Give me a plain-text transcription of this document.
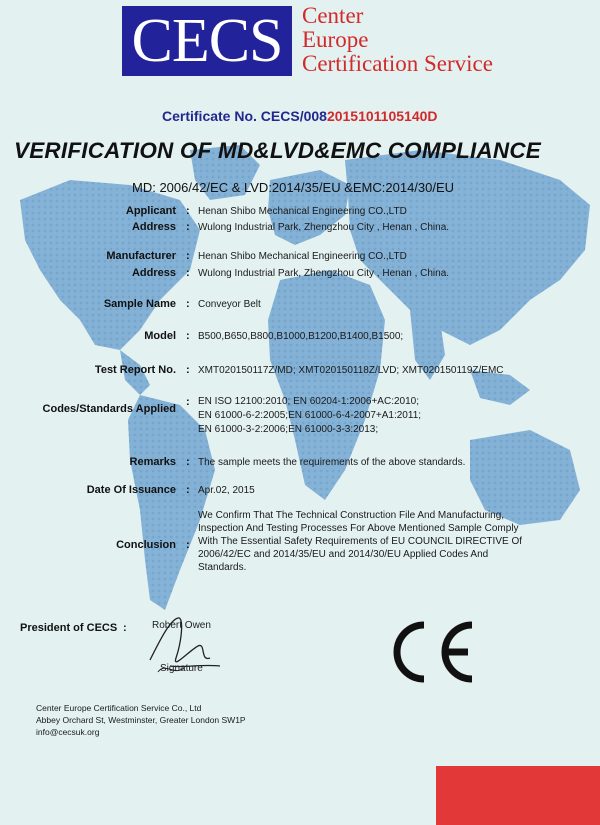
CECS Center
Europe
Certification Service
Certificate No. CECS/0082015101105140D
VERIFICATION OF MD&LVD&EMC COMPLIANCE
MD: 2006/42/EC & LVD:2014/35/EU &EMC:2014/30/EU
Applicant : Henan Shibo Mechanical Engineering CO.,LTD
Address : Wulong Industrial Park, Zhengzhou City , Henan , China.
Manufacturer : Henan Shibo Mechanical Engineering CO.,LTD
Address : Wulong Industrial Park, Zhengzhou City , Henan , China.
Sample Name : Conveyor Belt
Model : B500,B650,B800,B1000,B1200,B1400,B1500;
Test Report No. : XMT020150117Z/MD; XMT020150118Z/LVD; XMT020150119Z/EMC
Codes/Standards Applied
: EN ISO 12100:2010; EN 60204-1:2006+AC:2010;
EN 61000-6-2:2005;EN 61000-6-4-2007+A1:2011;
EN 61000-3-2:2006;EN 61000-3-3:2013;
Remarks : The sample meets the requirements of the above standards.
Date Of Issuance : Apr.02, 2015
Conclusion :
We Confirm That The Technical Construction File And Manufacturing, Inspection And Testing Processes For Above Mentioned Sample Comply With The Essential Safety Requirements of EU COUNCIL DIRECTIVE Of 2006/42/EC and 2014/35/EU and 2014/30/EU Applied Codes And Standards.
President of CECS :	Robert Owen
Signature
Center Europe Certification Service Co., Ltd
Abbey Orchard St, Westminster, Greater London SW1P
info@cecsuk.org
